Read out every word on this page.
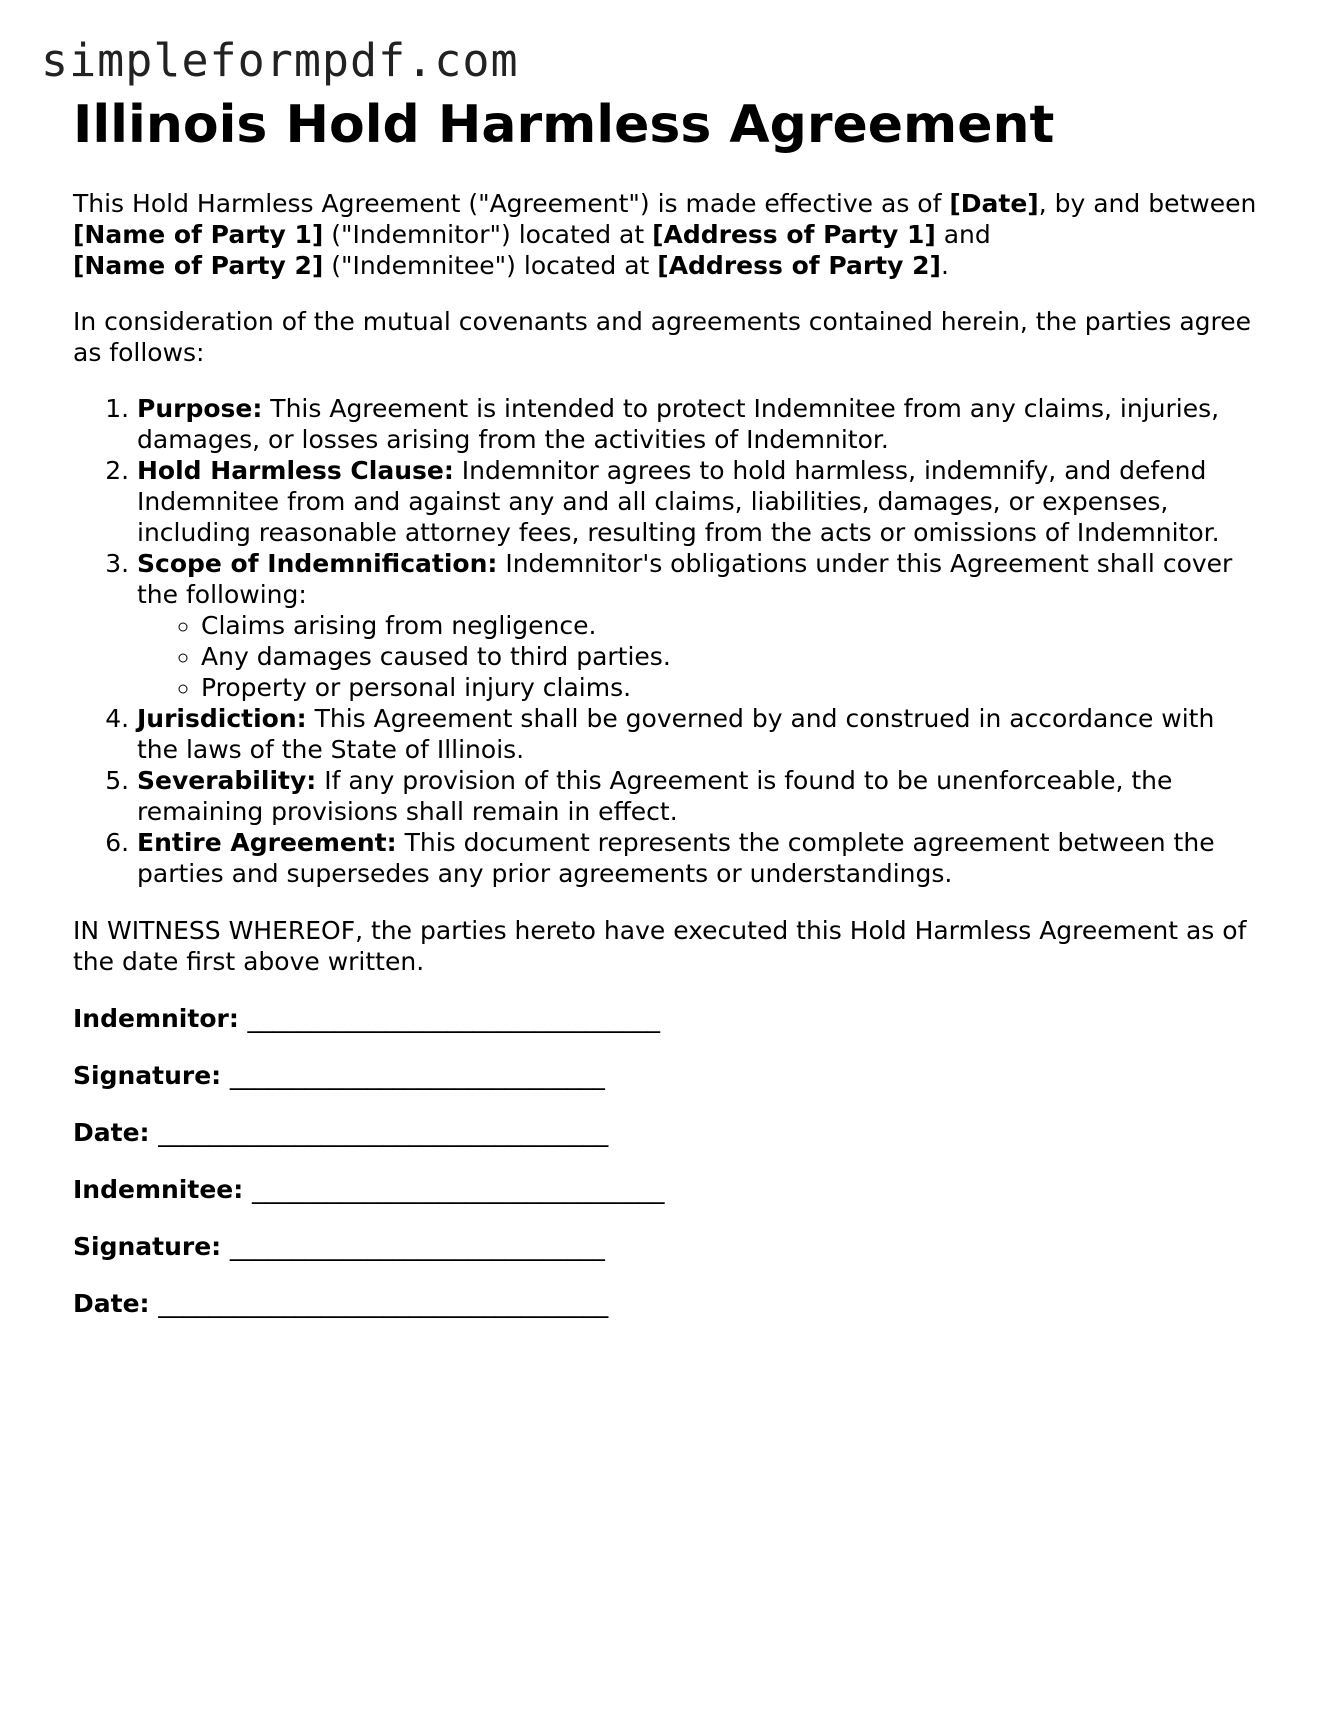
simpleformpdf.com
Illinois Hold Harmless Agreement

This Hold Harmless Agreement ("Agreement") is made effective as of [Date], by and between [Name of Party 1] ("Indemnitor") located at [Address of Party 1] and
[Name of Party 2] ("Indemnitee") located at [Address of Party 2].

In consideration of the mutual covenants and agreements contained herein, the parties agree as follows:

1. Purpose: This Agreement is intended to protect Indemnitee from any claims, injuries, damages, or losses arising from the activities of Indemnitor.
2. Hold Harmless Clause: Indemnitor agrees to hold harmless, indemnify, and defend Indemnitee from and against any and all claims, liabilities, damages, or expenses, including reasonable attorney fees, resulting from the acts or omissions of Indemnitor.
3. Scope of Indemnification: Indemnitor's obligations under this Agreement shall cover the following:
◦ Claims arising from negligence.
◦ Any damages caused to third parties.
◦ Property or personal injury claims.
4. Jurisdiction: This Agreement shall be governed by and construed in accordance with the laws of the State of Illinois.
5. Severability: If any provision of this Agreement is found to be unenforceable, the remaining provisions shall remain in effect.
6. Entire Agreement: This document represents the complete agreement between the parties and supersedes any prior agreements or understandings.

IN WITNESS WHEREOF, the parties hereto have executed this Hold Harmless Agreement as of the date first above written.

Indemnitor: _________________________________
Signature: ______________________________
Date: ____________________________________
Indemnitee: _________________________________
Signature: ______________________________
Date: ____________________________________
